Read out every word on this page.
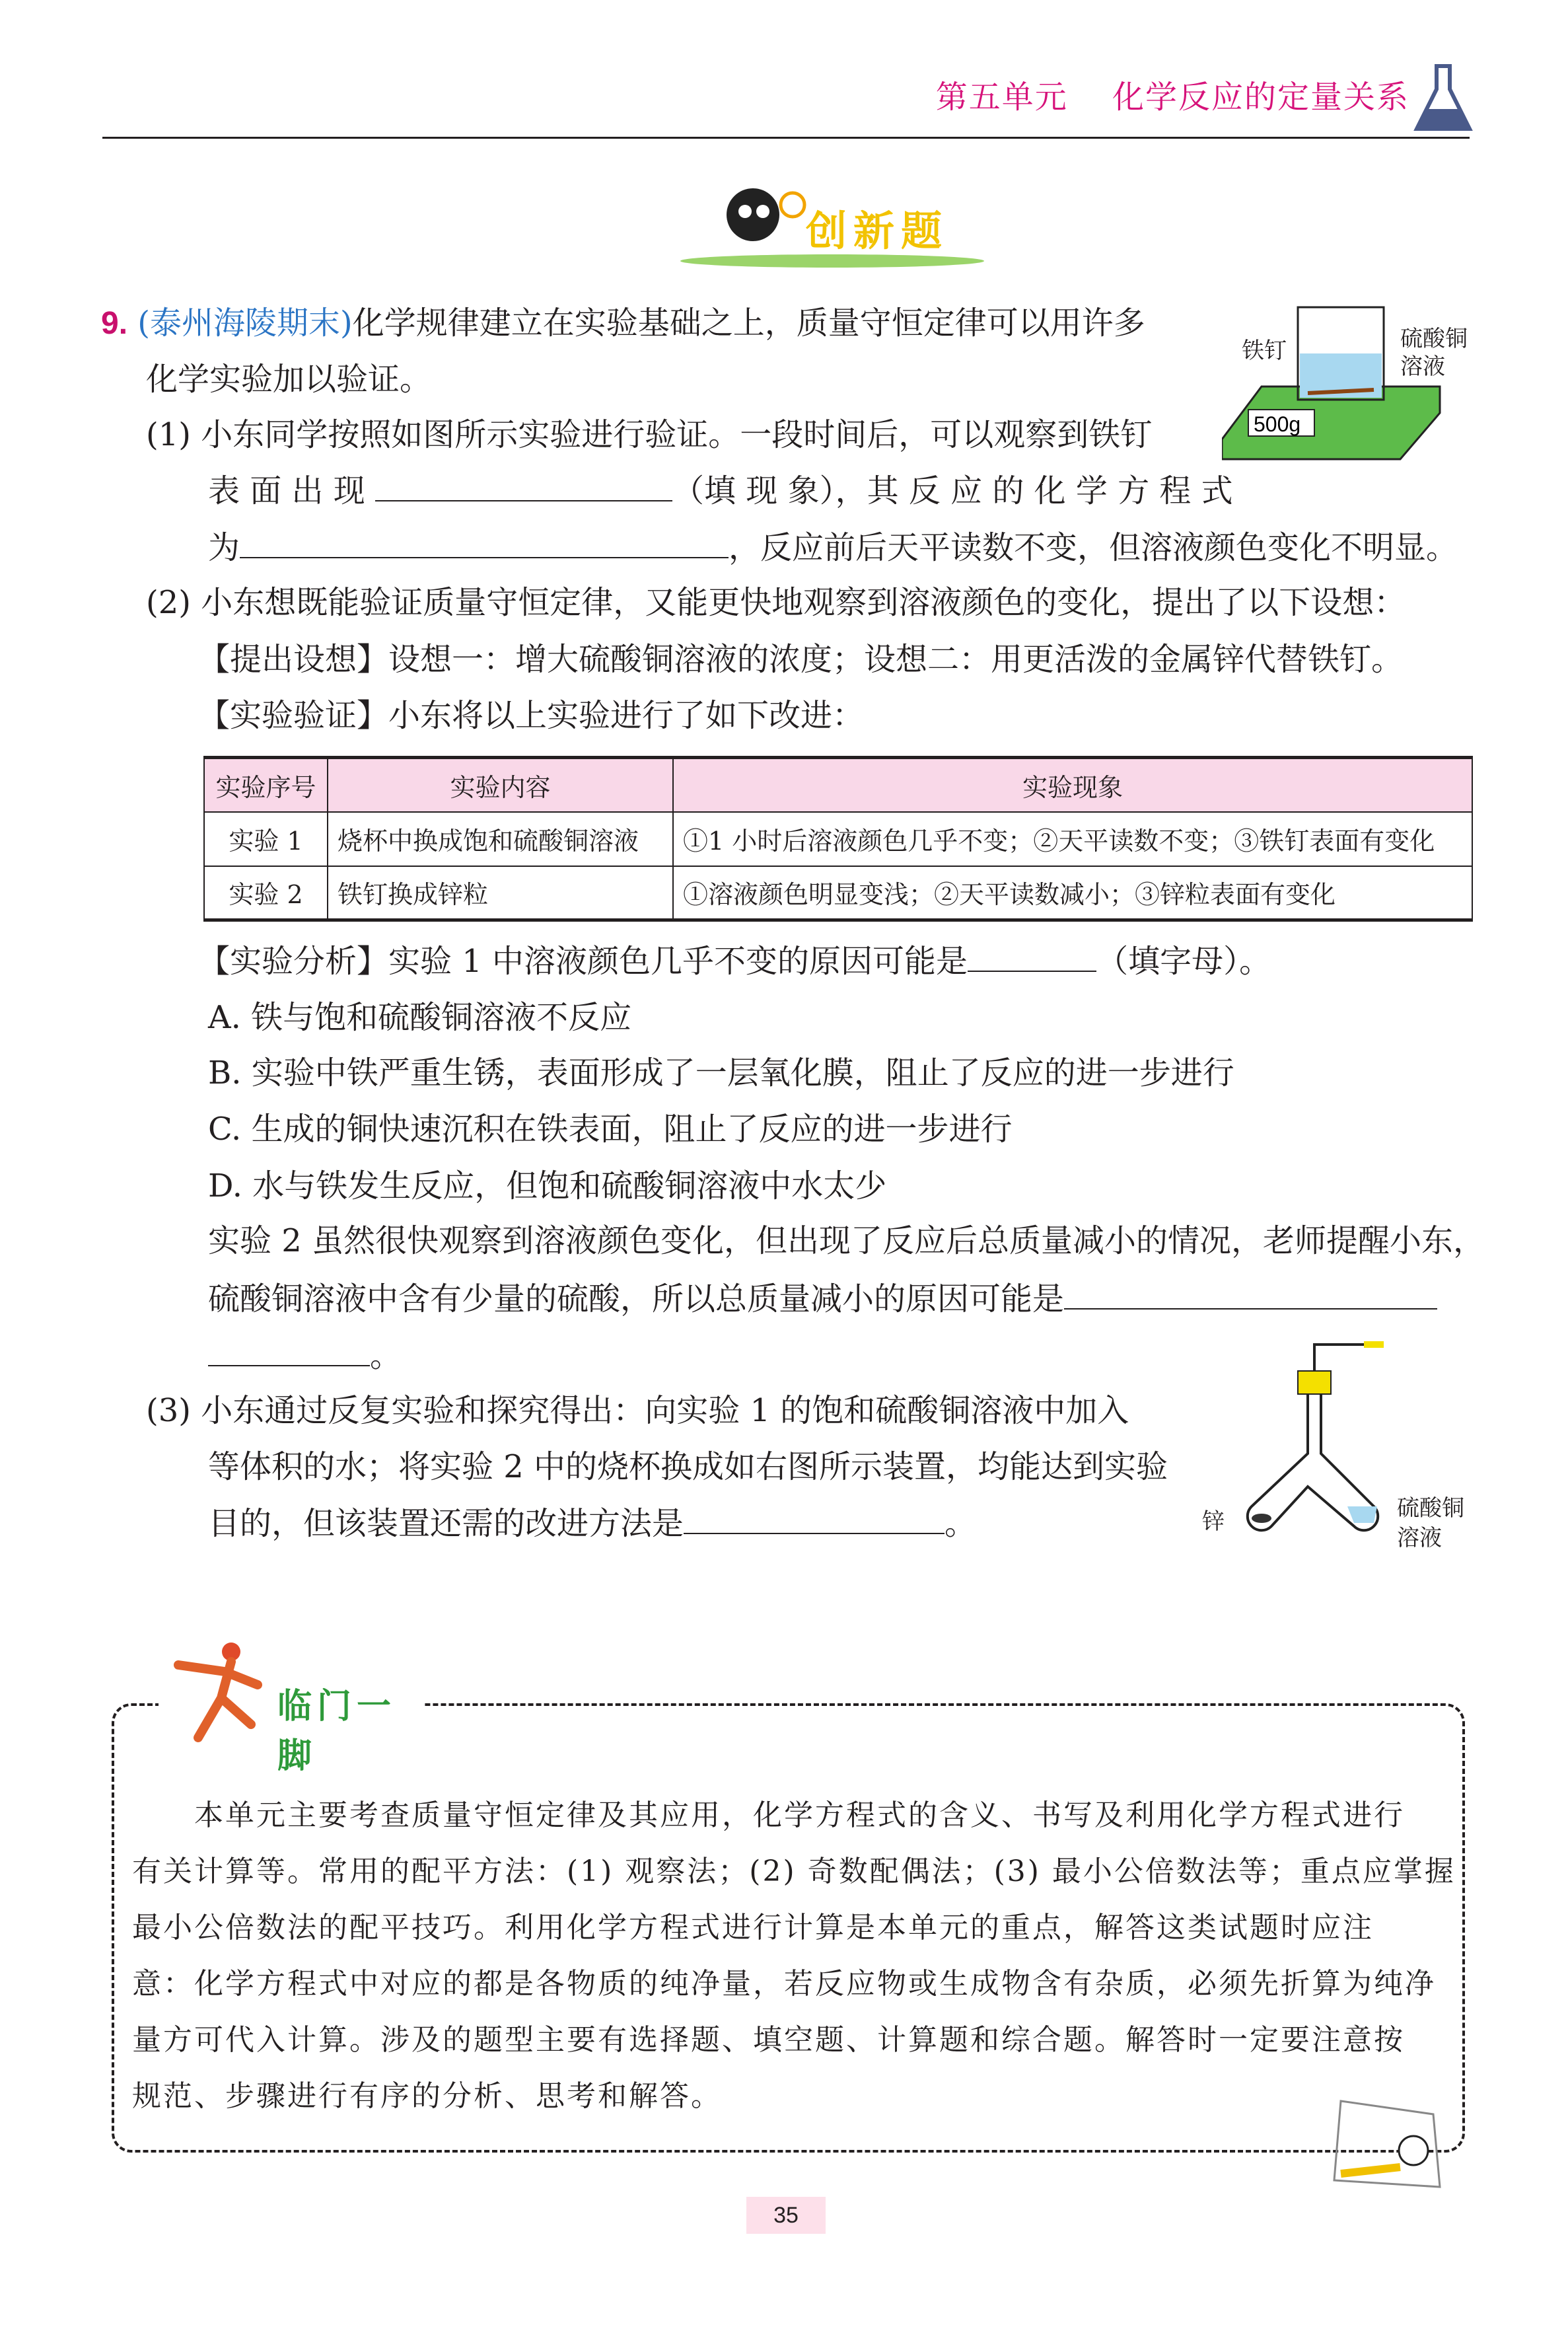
第五单元　 化学反应的定量关系
创新题
9. (泰州海陵期末)化学规律建立在实验基础之上，质量守恒定律可以用许多
化学实验加以验证。
(1) 小东同学按照如图所示实验进行验证。一段时间后，可以观察到铁钉
表 面 出 现	（填 现 象），其 反 应 的 化 学 方 程 式
为	，反应前后天平读数不变，但溶液颜色变化不明显。
500g
铁钉	硫酸铜
溶液
(2) 小东想既能验证质量守恒定律，又能更快地观察到溶液颜色的变化，提出了以下设想：
【提出设想】设想一：增大硫酸铜溶液的浓度；设想二：用更活泼的金属锌代替铁钉。
【实验验证】小东将以上实验进行了如下改进：
实验序号	实验内容	实验现象
实验 1	烧杯中换成饱和硫酸铜溶液	①1 小时后溶液颜色几乎不变；②天平读数不变；③铁钉表面有变化
实验 2	铁钉换成锌粒	①溶液颜色明显变浅；②天平读数减小；③锌粒表面有变化
【实验分析】实验 1 中溶液颜色几乎不变的原因可能是	（填字母）。
A. 铁与饱和硫酸铜溶液不反应
B. 实验中铁严重生锈，表面形成了一层氧化膜，阻止了反应的进一步进行
C. 生成的铜快速沉积在铁表面，阻止了反应的进一步进行
D. 水与铁发生反应，但饱和硫酸铜溶液中水太少
实验 2 虽然很快观察到溶液颜色变化，但出现了反应后总质量减小的情况，老师提醒小东，
硫酸铜溶液中含有少量的硫酸，所以总质量减小的原因可能是
。
(3) 小东通过反复实验和探究得出：向实验 1 的饱和硫酸铜溶液中加入
等体积的水；将实验 2 中的烧杯换成如右图所示装置，均能达到实验
目的，但该装置还需的改进方法是	。	锌	硫酸铜
溶液
临门一脚
　　本单元主要考查质量守恒定律及其应用，化学方程式的含义、书写及利用化学方程式进行
有关计算等。常用的配平方法：(1) 观察法；(2) 奇数配偶法；(3) 最小公倍数法等；重点应掌握
最小公倍数法的配平技巧。利用化学方程式进行计算是本单元的重点，解答这类试题时应注
意：化学方程式中对应的都是各物质的纯净量，若反应物或生成物含有杂质，必须先折算为纯净
量方可代入计算。涉及的题型主要有选择题、填空题、计算题和综合题。解答时一定要注意按
规范、步骤进行有序的分析、思考和解答。
35
